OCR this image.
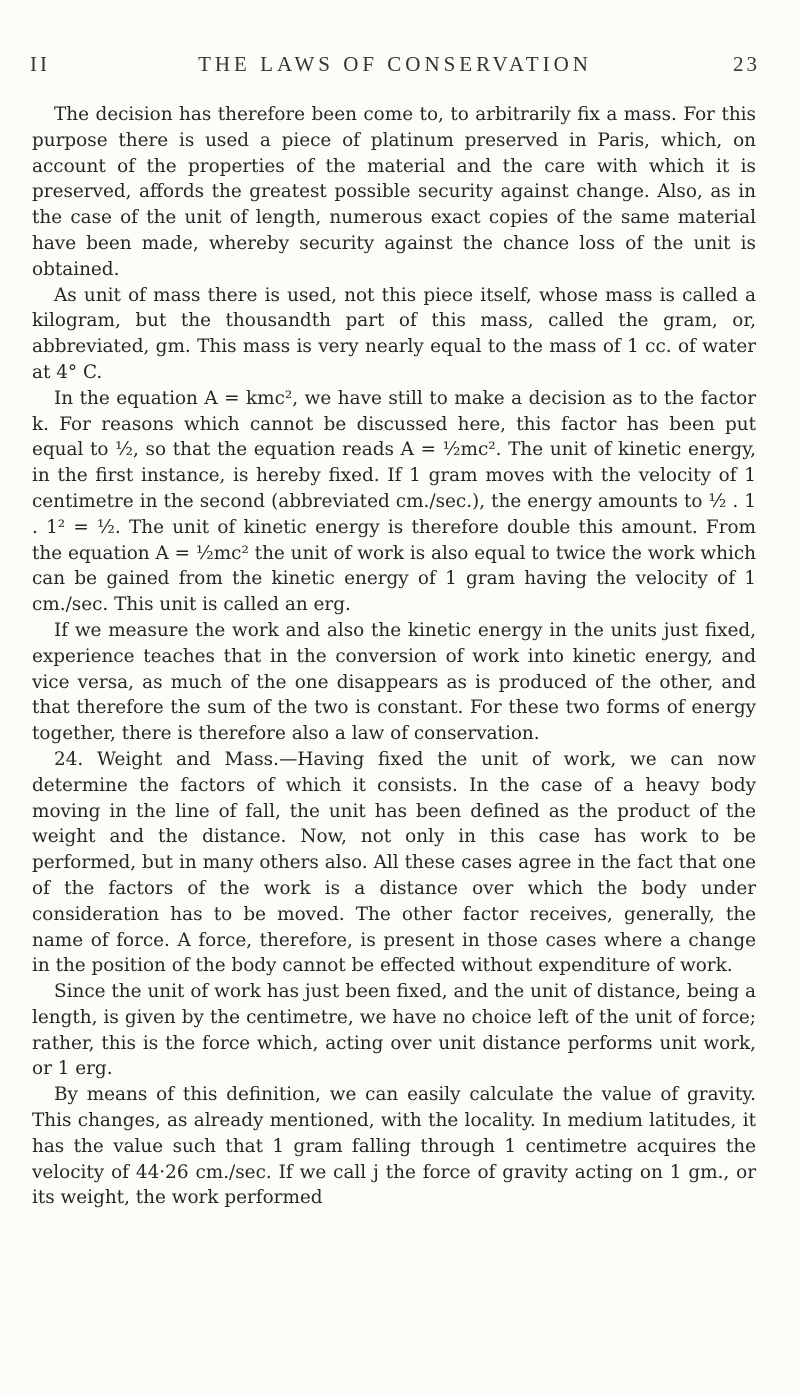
II	THE LAWS OF CONSERVATION	23

The decision has therefore been come to, to arbitrarily fix a mass. For this purpose there is used a piece of platinum preserved in Paris, which, on account of the properties of the material and the care with which it is preserved, affords the greatest possible security against change. Also, as in the case of the unit of length, numerous exact copies of the same material have been made, whereby security against the chance loss of the unit is obtained.

As unit of mass there is used, not this piece itself, whose mass is called a kilogram, but the thousandth part of this mass, called the gram, or, abbreviated, gm. This mass is very nearly equal to the mass of 1 cc. of water at 4° C.

In the equation A = kmc², we have still to make a decision as to the factor k. For reasons which cannot be discussed here, this factor has been put equal to ½, so that the equation reads A = ½mc². The unit of kinetic energy, in the first instance, is hereby fixed. If 1 gram moves with the velocity of 1 centimetre in the second (abbreviated cm./sec.), the energy amounts to ½ . 1 . 1² = ½. The unit of kinetic energy is therefore double this amount. From the equation A = ½mc² the unit of work is also equal to twice the work which can be gained from the kinetic energy of 1 gram having the velocity of 1 cm./sec. This unit is called an erg.

If we measure the work and also the kinetic energy in the units just fixed, experience teaches that in the conversion of work into kinetic energy, and vice versa, as much of the one disappears as is produced of the other, and that therefore the sum of the two is constant. For these two forms of energy together, there is therefore also a law of conservation.

24. Weight and Mass.—Having fixed the unit of work, we can now determine the factors of which it consists. In the case of a heavy body moving in the line of fall, the unit has been defined as the product of the weight and the distance. Now, not only in this case has work to be performed, but in many others also. All these cases agree in the fact that one of the factors of the work is a distance over which the body under consideration has to be moved. The other factor receives, generally, the name of force. A force, therefore, is present in those cases where a change in the position of the body cannot be effected without expenditure of work.

Since the unit of work has just been fixed, and the unit of distance, being a length, is given by the centimetre, we have no choice left of the unit of force; rather, this is the force which, acting over unit distance performs unit work, or 1 erg.

By means of this definition, we can easily calculate the value of gravity. This changes, as already mentioned, with the locality. In medium latitudes, it has the value such that 1 gram falling through 1 centimetre acquires the velocity of 44·26 cm./sec. If we call j the force of gravity acting on 1 gm., or its weight, the work performed
